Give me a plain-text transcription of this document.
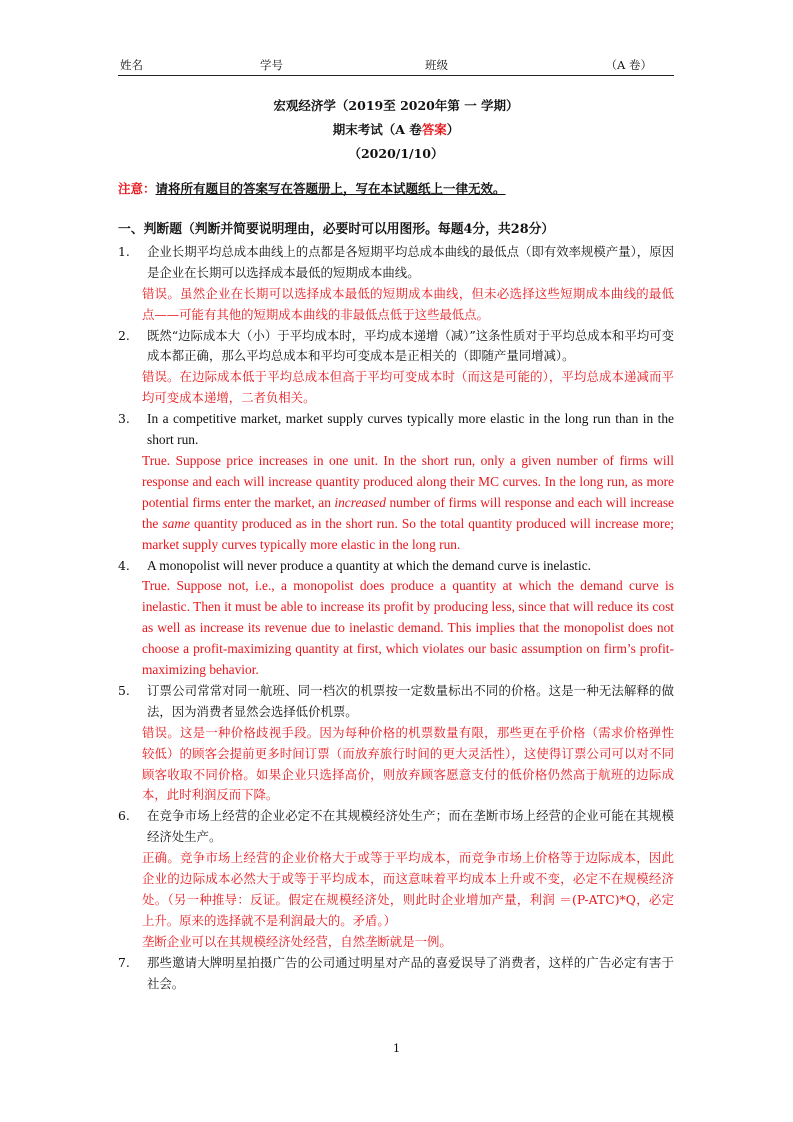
姓名	学号	班级	（A 卷）
宏观经济学（2019至 2020年第 一 学期）
期末考试（A 卷答案）
（2020/1/10）
注意：请将所有题目的答案写在答题册上，写在本试题纸上一律无效。
一、判断题（判断并简要说明理由，必要时可以用图形。每题4分，共28分）
1.	企业长期平均总成本曲线上的点都是各短期平均总成本曲线的最低点（即有效率规模产量），原因是企业在长期可以选择成本最低的短期成本曲线。
错误。虽然企业在长期可以选择成本最低的短期成本曲线，但未必选择这些短期成本曲线的最低点——可能有其他的短期成本曲线的非最低点低于这些最低点。
2.	既然“边际成本大（小）于平均成本时，平均成本递增（减）”这条性质对于平均总成本和平均可变成本都正确，那么平均总成本和平均可变成本是正相关的（即随产量同增减）。
错误。在边际成本低于平均总成本但高于平均可变成本时（而这是可能的），平均总成本递减而平均可变成本递增，二者负相关。
3.	In a competitive market, market supply curves typically more elastic in the long run than in the short run.
True. Suppose price increases in one unit. In the short run, only a given number of firms will response and each will increase quantity produced along their MC curves. In the long run, as more potential firms enter the market, an increased number of firms will response and each will increase the same quantity produced as in the short run. So the total quantity produced will increase more; market supply curves typically more elastic in the long run.
4.	A monopolist will never produce a quantity at which the demand curve is inelastic.
True. Suppose not, i.e., a monopolist does produce a quantity at which the demand curve is inelastic. Then it must be able to increase its profit by producing less, since that will reduce its cost as well as increase its revenue due to inelastic demand. This implies that the monopolist does not choose a profit-maximizing quantity at first, which violates our basic assumption on firm’s profit-maximizing behavior.
5.	订票公司常常对同一航班、同一档次的机票按一定数量标出不同的价格。这是一种无法解释的做法，因为消费者显然会选择低价机票。
错误。这是一种价格歧视手段。因为每种价格的机票数量有限，那些更在乎价格（需求价格弹性较低）的顾客会提前更多时间订票（而放弃旅行时间的更大灵活性），这使得订票公司可以对不同顾客收取不同价格。如果企业只选择高价，则放弃顾客愿意支付的低价格仍然高于航班的边际成本，此时利润反而下降。
6.	在竞争市场上经营的企业必定不在其规模经济处生产；而在垄断市场上经营的企业可能在其规模经济处生产。
正确。竞争市场上经营的企业价格大于或等于平均成本，而竞争市场上价格等于边际成本，因此企业的边际成本必然大于或等于平均成本，而这意味着平均成本上升或不变，必定不在规模经济处。（另一种推导：反证。假定在规模经济处，则此时企业增加产量，利润 ＝(P-ATC)*Q，必定上升。原来的选择就不是利润最大的。矛盾。）
垄断企业可以在其规模经济处经营，自然垄断就是一例。
7.	那些邀请大牌明星拍摄广告的公司通过明星对产品的喜爱误导了消费者，这样的广告必定有害于社会。
1
